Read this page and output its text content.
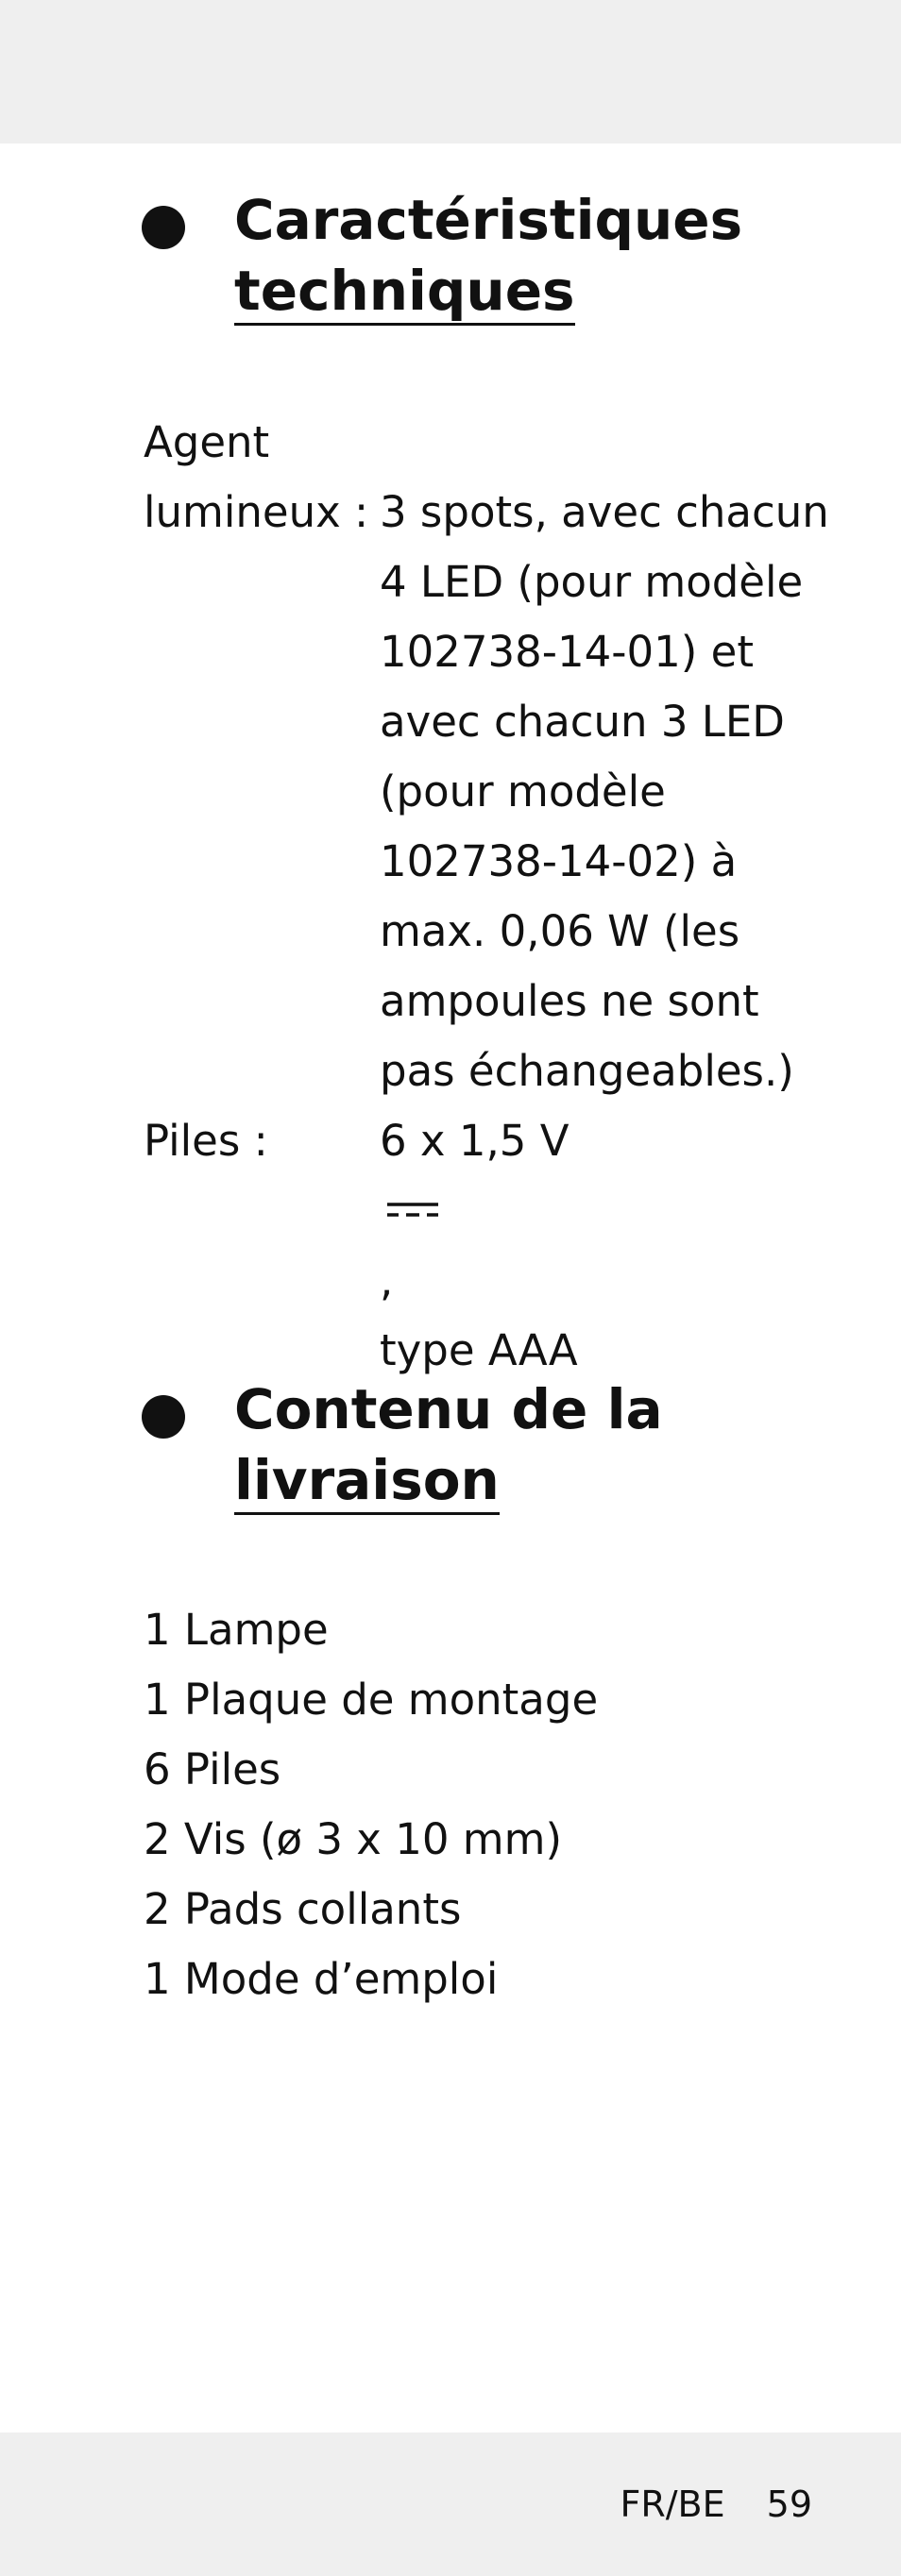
Caractéristiques
techniques
Agent
lumineux : 3 spots, avec chacun
4 LED (pour modèle
102738-14-01) et
avec chacun 3 LED
(pour modèle
102738-14-02) à
max. 0,06 W (les
ampoules ne sont
pas échangeables.)
Piles :	6 x 1,5 V
,
type AAA
Contenu de la
livraison
1 Lampe
1 Plaque de montage
6 Piles
2 Vis (ø 3 x 10 mm)
2 Pads collants
1 Mode d’emploi
FR/BE 59
